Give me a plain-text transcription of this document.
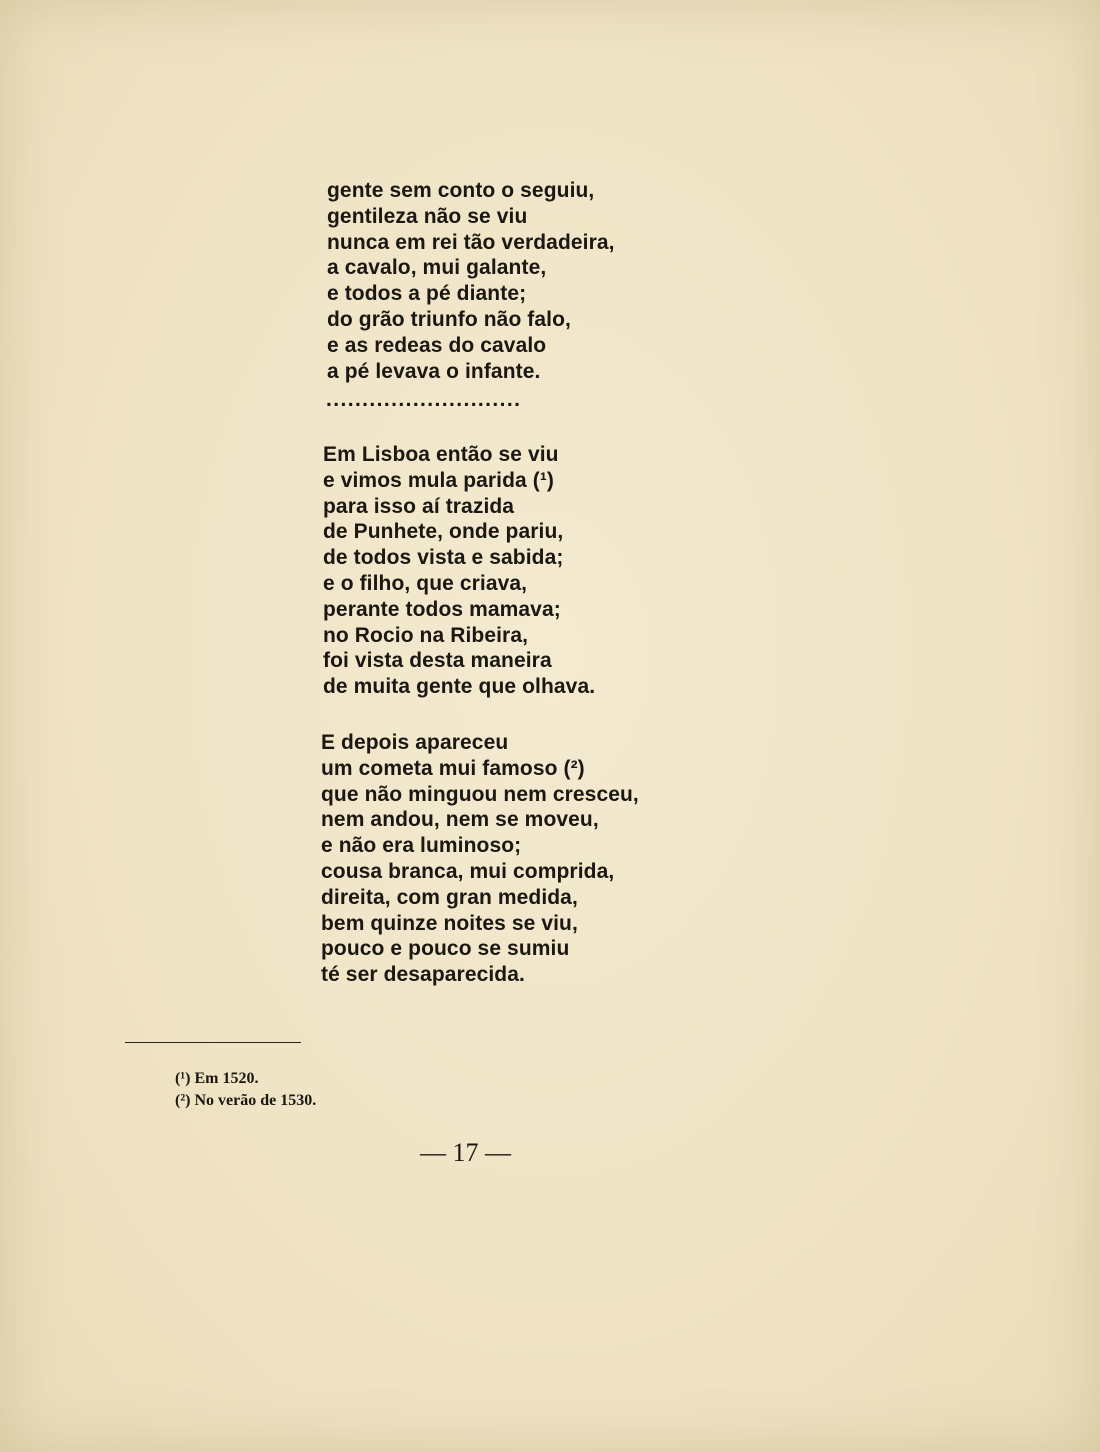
gente sem conto o seguiu,
gentileza não se viu
nunca em rei tão verdadeira,
a cavalo, mui galante,
e todos a pé diante;
do grão triunfo não falo,
e as redeas do cavalo
a pé levava o infante.
...........................
Em Lisboa então se viu
e vimos mula parida (¹)
para isso aí trazida
de Punhete, onde pariu,
de todos vista e sabida;
e o filho, que criava,
perante todos mamava;
no Rocio na Ribeira,
foi vista desta maneira
de muita gente que olhava.
E depois apareceu
um cometa mui famoso (²)
que não minguou nem cresceu,
nem andou, nem se moveu,
e não era luminoso;
cousa branca, mui comprida,
direita, com gran medida,
bem quinze noites se viu,
pouco e pouco se sumiu
té ser desaparecida.
(¹) Em 1520.
(²) No verão de 1530.
— 17 —
